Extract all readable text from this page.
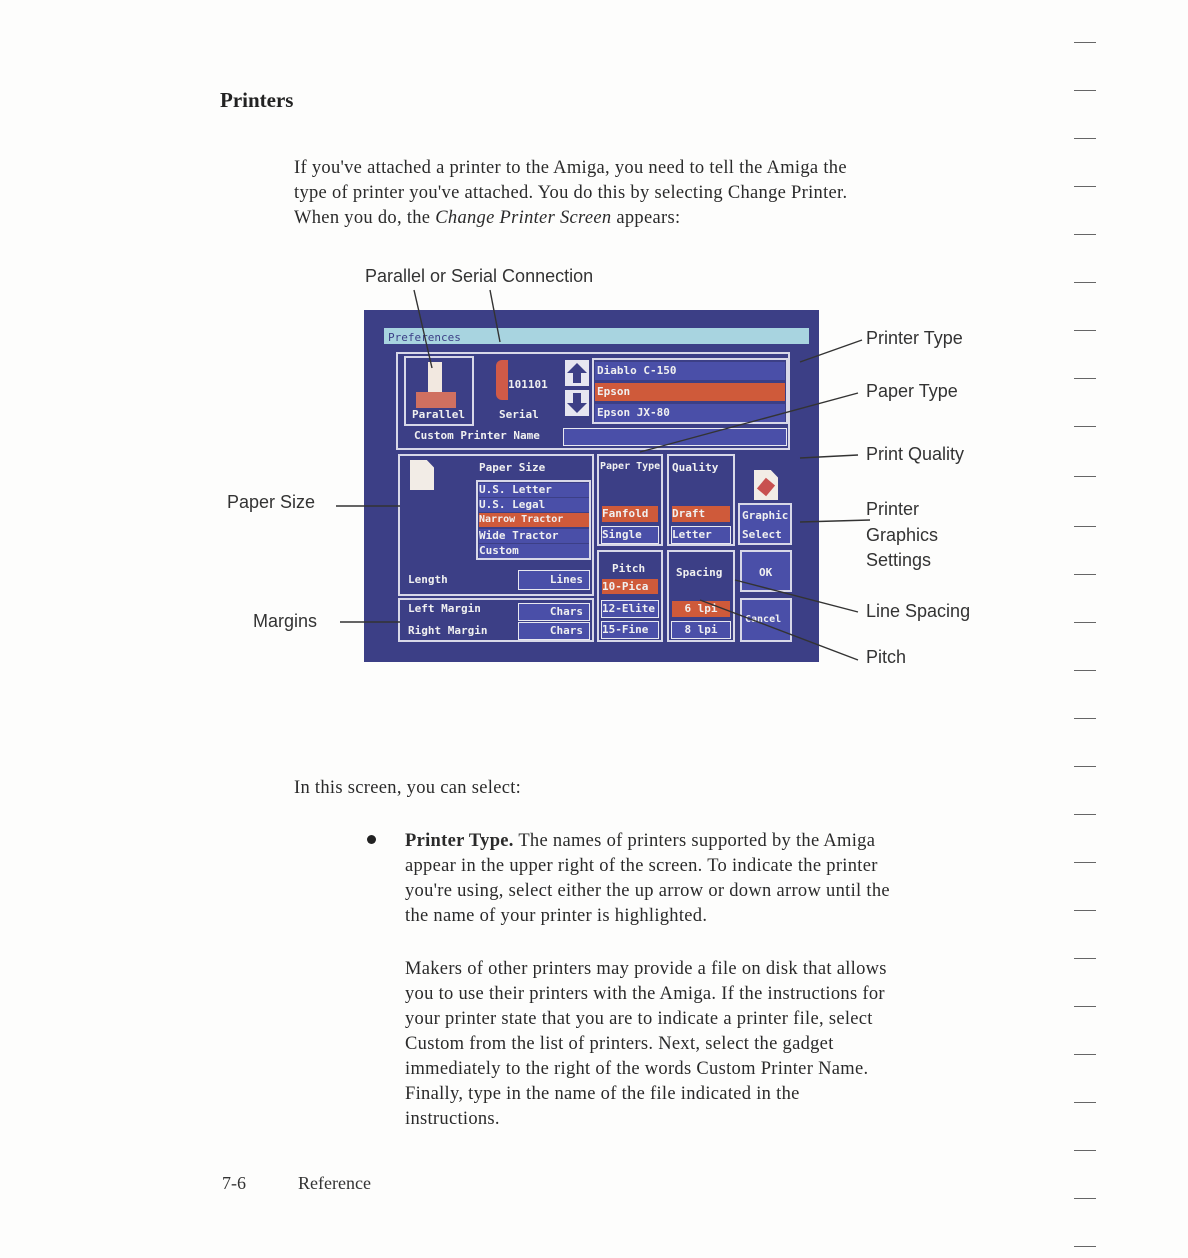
Printers
If you've attached a printer to the Amiga, you need to tell the Amiga the
type of printer you've attached. You do this by selecting Change Printer.
When you do, the Change Printer Screen appears:
Parallel or Serial Connection
Preferences
Parallel
101101
Serial
Custom Printer Name
Diablo C-150
Epson
Epson JX-80
Paper Size
U.S. Letter
U.S. Legal
Narrow Tractor
Wide Tractor
Custom
Length	Lines
Left Margin
Right Margin
Chars
Chars
Paper Type
Fanfold
Single
Quality
Draft
Letter
Pitch
10-Pica
12-Elite
15-Fine
Spacing
6 lpi
8 lpi
Graphic
Select
OK
Cancel
Printer Type
Paper Type
Print Quality
Printer
Graphics
Settings
Line Spacing
Pitch
Paper Size
Margins
In this screen, you can select:
Printer Type. The names of printers supported by the Amiga
appear in the upper right of the screen. To indicate the printer
you're using, select either the up arrow or down arrow until the
the name of your printer is highlighted.
Makers of other printers may provide a file on disk that allows
you to use their printers with the Amiga. If the instructions for
your printer state that you are to indicate a printer file, select
Custom from the list of printers. Next, select the gadget
immediately to the right of the words Custom Printer Name.
Finally, type in the name of the file indicated in the
instructions.
7-6	Reference
